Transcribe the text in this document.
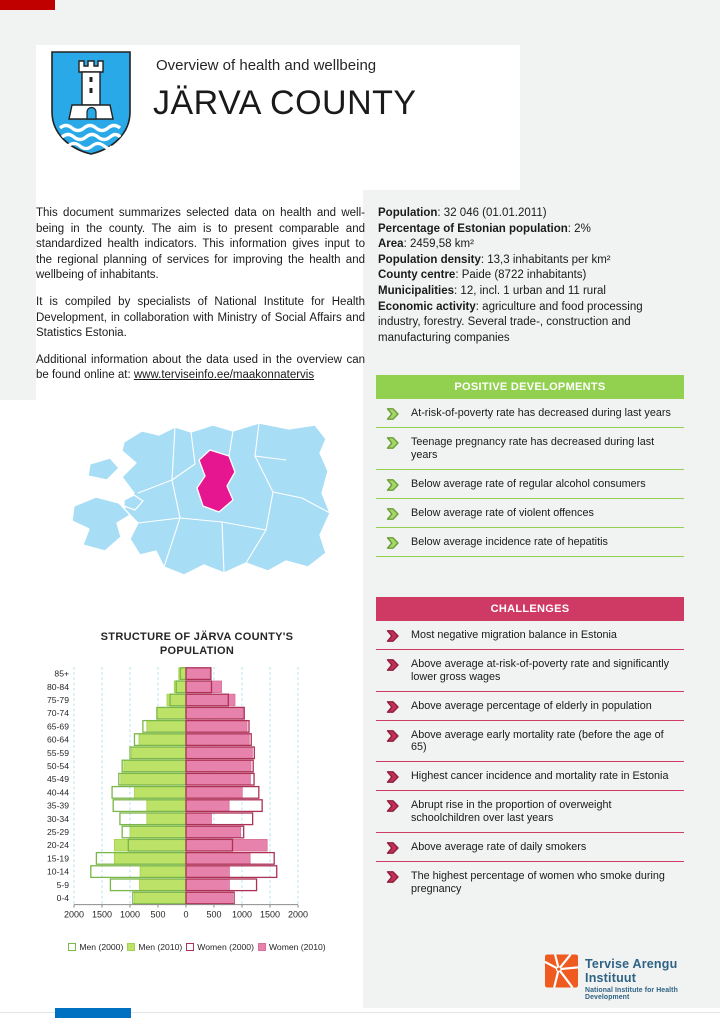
Overview of health and wellbeing
JÄRVA COUNTY

This document summarizes selected data on health and well-being in the county. The aim is to present comparable and standardized health indicators. This information gives input to the regional planning of services for improving the health and wellbeing of inhabitants.

It is compiled by specialists of National Institute for Health Development, in collaboration with Ministry of Social Affairs and Statistics Estonia.

Additional information about the data used in the overview can be found online at: www.terviseinfo.ee/maakonnatervis

STRUCTURE OF JÄRVA COUNTY'S POPULATION
2000 1500 1000 500 0 500 1000 1500 2000
85+
80-84
75-79
70-74
65-69
60-64
55-59
50-54
45-49
40-44
35-39
30-34
25-29
20-24
15-19
10-14
5-9
0-4
Men (2000) Men (2010) Women (2000) Women (2010)
Population: 32 046 (01.01.2011)
Percentage of Estonian population: 2%
Area: 2459,58 km²
Population density: 13,3 inhabitants per km²
County centre: Paide (8722 inhabitants)
Municipalities: 12, incl. 1 urban and 11 rural
Economic activity: agriculture and food processing industry, forestry. Several trade-, construction and manufacturing companies
POSITIVE DEVELOPMENTS
At-risk-of-poverty rate has decreased during last years
Teenage pregnancy rate has decreased during last years
Below average rate of regular alcohol consumers
Below average rate of violent offences
Below average incidence rate of hepatitis
CHALLENGES
Most negative migration balance in Estonia
Above average at-risk-of-poverty rate and significantly lower gross wages
Above average percentage of elderly in population
Above average early mortality rate (before the age of 65)
Highest cancer incidence and mortality rate in Estonia
Abrupt rise in the proportion of overweight schoolchildren over last years
Above average rate of daily smokers
The highest percentage of women who smoke during pregnancy
Tervise Arengu Instituut
National Institute for Health Development
